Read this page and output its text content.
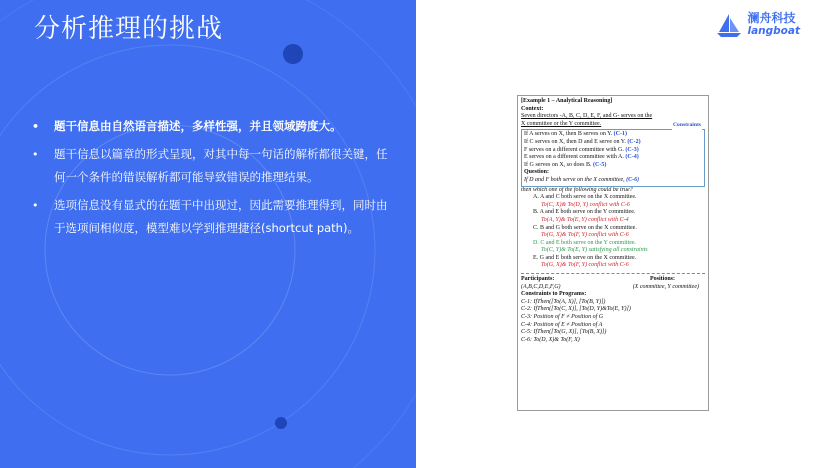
分析推理的挑战
• 题干信息由自然语言描述，多样性强，并且领域跨度大。
• 题干信息以篇章的形式呈现，对其中每一句话的解析都很关键，任何一个条件的错误解析都可能导致错误的推理结果。
• 选项信息没有显式的在题干中出现过，因此需要推理得到，同时由于选项间相似度，模型难以学到推理捷径(shortcut path)。
澜舟科技
langboat
[Example 1 – Analytical Reasoning]
Context:
Seven directors -A, B, C, D, E, F, and G- serves on the
X committee or the Y committee.	Constraints
If A serves on X, then B serves on Y. (C-1)
If C serves on X, then D and E serve on Y. (C-2)
F serves on a different committee with G. (C-3)
E serves on a different committee with A. (C-4)
If G serves on X, so does B. (C-5)
Question:
If D and F both serve on the X committee, (C-6)
then which one of the following could be true?
A. A and C both serve on the X committee.
To(C, X)& To(D, Y) conflict with C-6
B. A and E both serve on the Y committee.
To(A, Y)& To(E, Y) conflict with C-4
C. B and G both serve on the X committee.
To(G, X)& To(F, Y) conflict with C-6
D. C and E both serve on the Y committee.
To(C, Y)& To(E, Y) satisfying all constraints
E. G and E both serve on the X committee.
To(G, X)& To(F, Y) conflict with C-6
Participants:	Positions:
(A,B,C,D,E,F,G)	(X committee, Y committee)
Constraints to Programs:
C-1: IfThen([To(A, X)], [To(B, Y)])
C-2: IfThen([To(C, X)], [To(D, Y)&To(E, Y)])
C-3: Position of F ≠ Position of G
C-4: Position of E ≠ Position of A
C-5: IfThen([To(G, X)], [To(B, X)])
C-6: To(D, X)& To(F, X)
